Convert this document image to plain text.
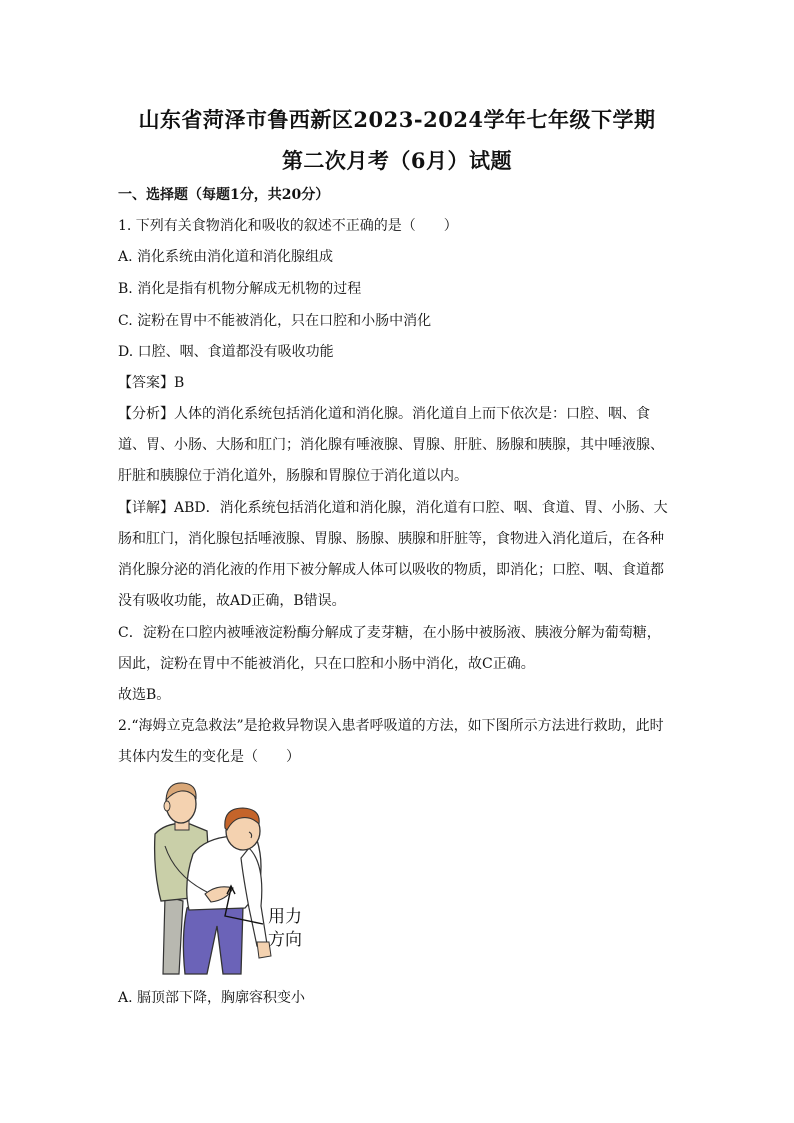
山东省菏泽市鲁西新区2023-2024学年七年级下学期
第二次月考（6月）试题
一、选择题（每题1分，共20分）
1. 下列有关食物消化和吸收的叙述不正确的是（　　）
A. 消化系统由消化道和消化腺组成
B. 消化是指有机物分解成无机物的过程
C. 淀粉在胃中不能被消化，只在口腔和小肠中消化
D. 口腔、咽、食道都没有吸收功能
【答案】B
【分析】人体的消化系统包括消化道和消化腺。消化道自上而下依次是：口腔、咽、食
道、胃、小肠、大肠和肛门；消化腺有唾液腺、胃腺、肝脏、肠腺和胰腺，其中唾液腺、
肝脏和胰腺位于消化道外，肠腺和胃腺位于消化道以内。
【详解】ABD．消化系统包括消化道和消化腺，消化道有口腔、咽、食道、胃、小肠、大
肠和肛门，消化腺包括唾液腺、胃腺、肠腺、胰腺和肝脏等，食物进入消化道后，在各种
消化腺分泌的消化液的作用下被分解成人体可以吸收的物质，即消化；口腔、咽、食道都
没有吸收功能，故AD正确，B错误。
C．淀粉在口腔内被唾液淀粉酶分解成了麦芽糖，在小肠中被肠液、胰液分解为葡萄糖，
因此，淀粉在胃中不能被消化，只在口腔和小肠中消化，故C正确。
故选B。
2.“海姆立克急救法”是抢救异物误入患者呼吸道的方法，如下图所示方法进行救助，此时
其体内发生的变化是（　　）
用力
方向
A. 膈顶部下降，胸廓容积变小
